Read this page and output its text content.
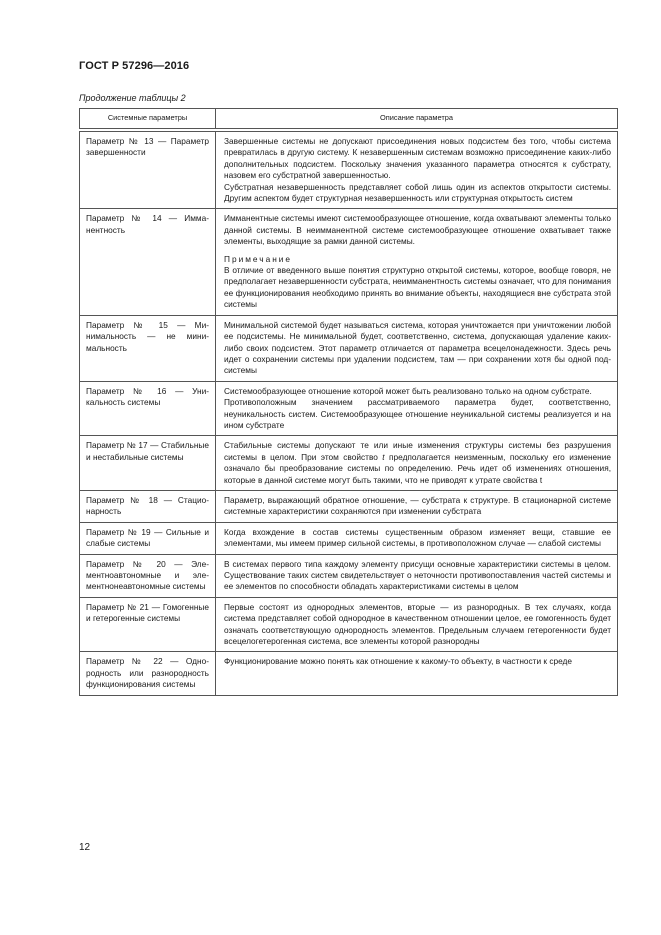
ГОСТ Р 57296—2016
Продолжение таблицы 2
Системные параметры	Описание параметра

Параметр № 13 — Параметр завершенности	Завершенные системы не допускают присоединения новых подсистем без того, чтобы система превратилась в другую систему. К незавершенным системам возможно присоединение каких-либо дополнительных подсистем. Поскольку значения указанного параметра относятся к субстрату, назовем его субстратной завершенностью.

Субстратная незавершенность представляет собой лишь один из аспектов открытости системы. Другим аспектом будет структурная незавершенность или структурная открытость систем

Параметр № 14 — Имманентность	Имманентные системы имеют системообразующее отношение, когда охватывают элементы только данной системы. В неимманентной системе системообразующее отношение охватывает также элементы, выходящие за рамки данной системы.

Примечание

В отличие от введенного выше понятия структурно открытой системы, которое, вообще говоря, не предполагает незавершенности субстрата, неимманентность системы означает, что для понимания ее функционирования необходимо принять во внимание объекты, находящиеся вне субстрата этой системы

Параметр № 15 — Минимальность — не минимальность	Минимальной системой будет называться система, которая уничтожается при уничтожении любой ее подсистемы. Не минимальной будет, соответственно, система, допускающая удаление каких-либо своих подсистем. Этот параметр отличается от параметра всецелонадежности. Здесь речь идет о сохранении системы при удалении подсистем, там — при сохранении хотя бы одной подсистемы

Параметр № 16 — Уникальность системы	Системообразующее отношение которой может быть реализовано только на одном субстрате.

Противоположным значением рассматриваемого параметра будет, соответственно, неуникальность систем. Системообразующее отношение неуникальной системы реализуется и на ином субстрате

Параметр № 17 — Стабильные и нестабильные системы	Стабильные системы допускают те или иные изменения структуры системы без разрушения системы в целом. При этом свойство t предполагается неизменным, поскольку его изменение означало бы преобразование системы по определению. Речь идет об изменениях отношения, которые в данной системе могут быть такими, что не приводят к утрате свойства t

Параметр № 18 — Стационарность	Параметр, выражающий обратное отношение, — субстрата к структуре. В стационарной системе системные характеристики сохраняются при изменении субстрата

Параметр № 19 — Сильные и слабые системы	Когда вхождение в состав системы существенным образом изменяет вещи, ставшие ее элементами, мы имеем пример сильной системы, в противоположном случае — слабой системы

Параметр № 20 — Элементноавтономные и элементнонеавтономные системы	В системах первого типа каждому элементу присущи основные характеристики системы в целом. Существование таких систем свидетельствует о неточности противопоставления частей системы и ее элементов по способности обладать характеристиками системы в целом

Параметр № 21 — Гомогенные и гетерогенные системы	Первые состоят из однородных элементов, вторые — из разнородных. В тех случаях, когда система представляет собой однородное в качественном отношении целое, ее гомогенность будет означать соответствующую однородность элементов. Предельным случаем гетерогенности будет всецелогетерогенная система, все элементы которой разнородны

Параметр № 22 — Однородность или разнородность функционирования системы	Функционирование можно понять как отношение к какому-то объекту, в частности к среде

12
